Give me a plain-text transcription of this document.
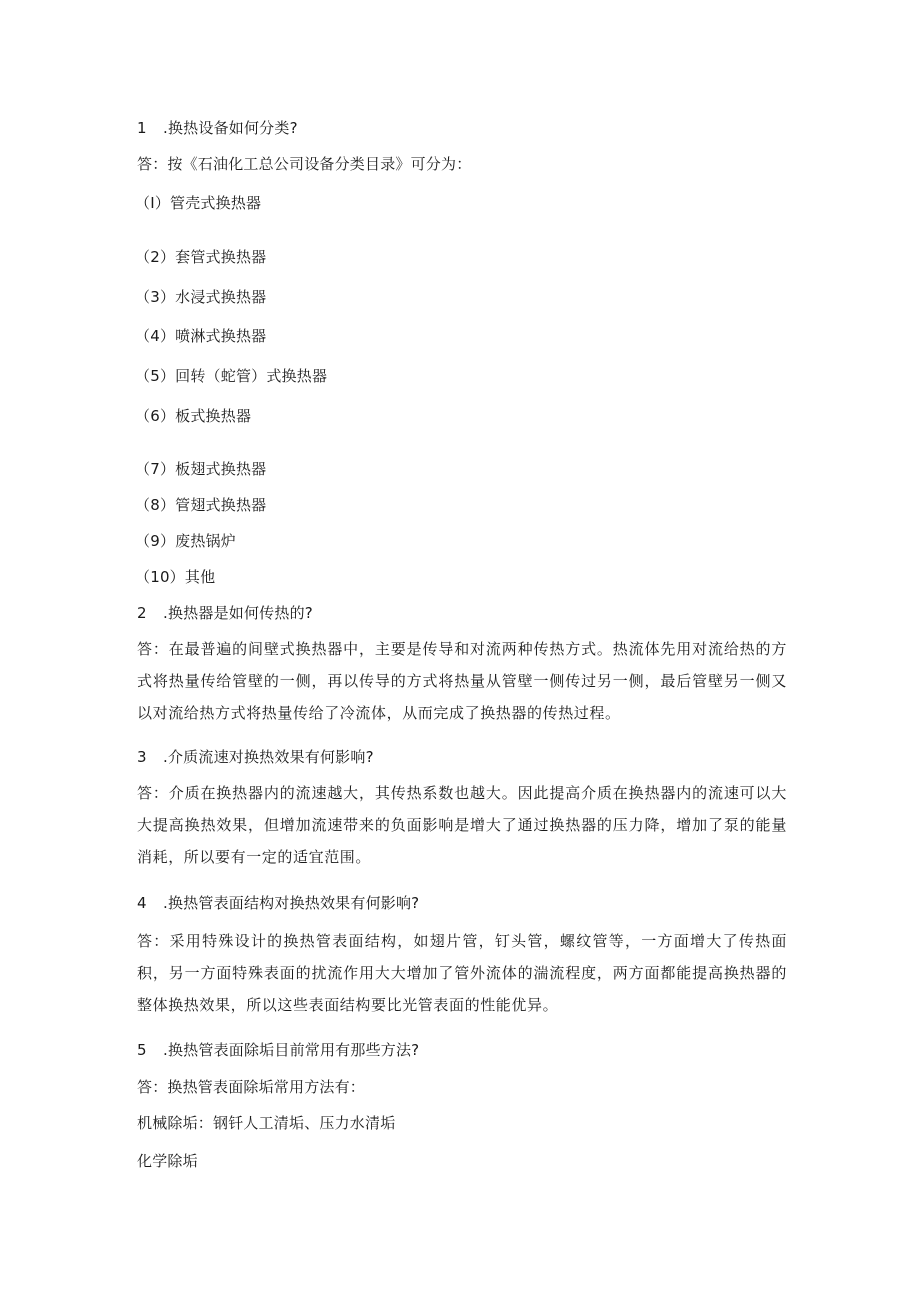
1 .换热设备如何分类?
答：按《石油化工总公司设备分类目录》可分为：
（I）管壳式换热器
（2）套管式换热器
（3）水浸式换热器
（4）喷淋式换热器
（5）回转（蛇管）式换热器
（6）板式换热器
（7）板翅式换热器
（8）管翅式换热器
（9）废热锅炉
（10）其他
2 .换热器是如何传热的?
答：在最普遍的间壁式换热器中，主要是传导和对流两种传热方式。热流体先用对流给热的方式将热量传给管壁的一侧，再以传导的方式将热量从管壁一侧传过另一侧，最后管壁另一侧又以对流给热方式将热量传给了冷流体，从而完成了换热器的传热过程。
3 .介质流速对换热效果有何影响?
答：介质在换热器内的流速越大，其传热系数也越大。因此提高介质在换热器内的流速可以大大提高换热效果，但增加流速带来的负面影响是增大了通过换热器的压力降，增加了泵的能量消耗，所以要有一定的适宜范围。
4 .换热管表面结构对换热效果有何影响?
答：采用特殊设计的换热管表面结构，如翅片管，钉头管，螺纹管等，一方面增大了传热面积，另一方面特殊表面的扰流作用大大增加了管外流体的湍流程度，两方面都能提高换热器的整体换热效果，所以这些表面结构要比光管表面的性能优异。
5 .换热管表面除垢目前常用有那些方法?
答：换热管表面除垢常用方法有：
机械除垢：钢钎人工清垢、压力水清垢
化学除垢
